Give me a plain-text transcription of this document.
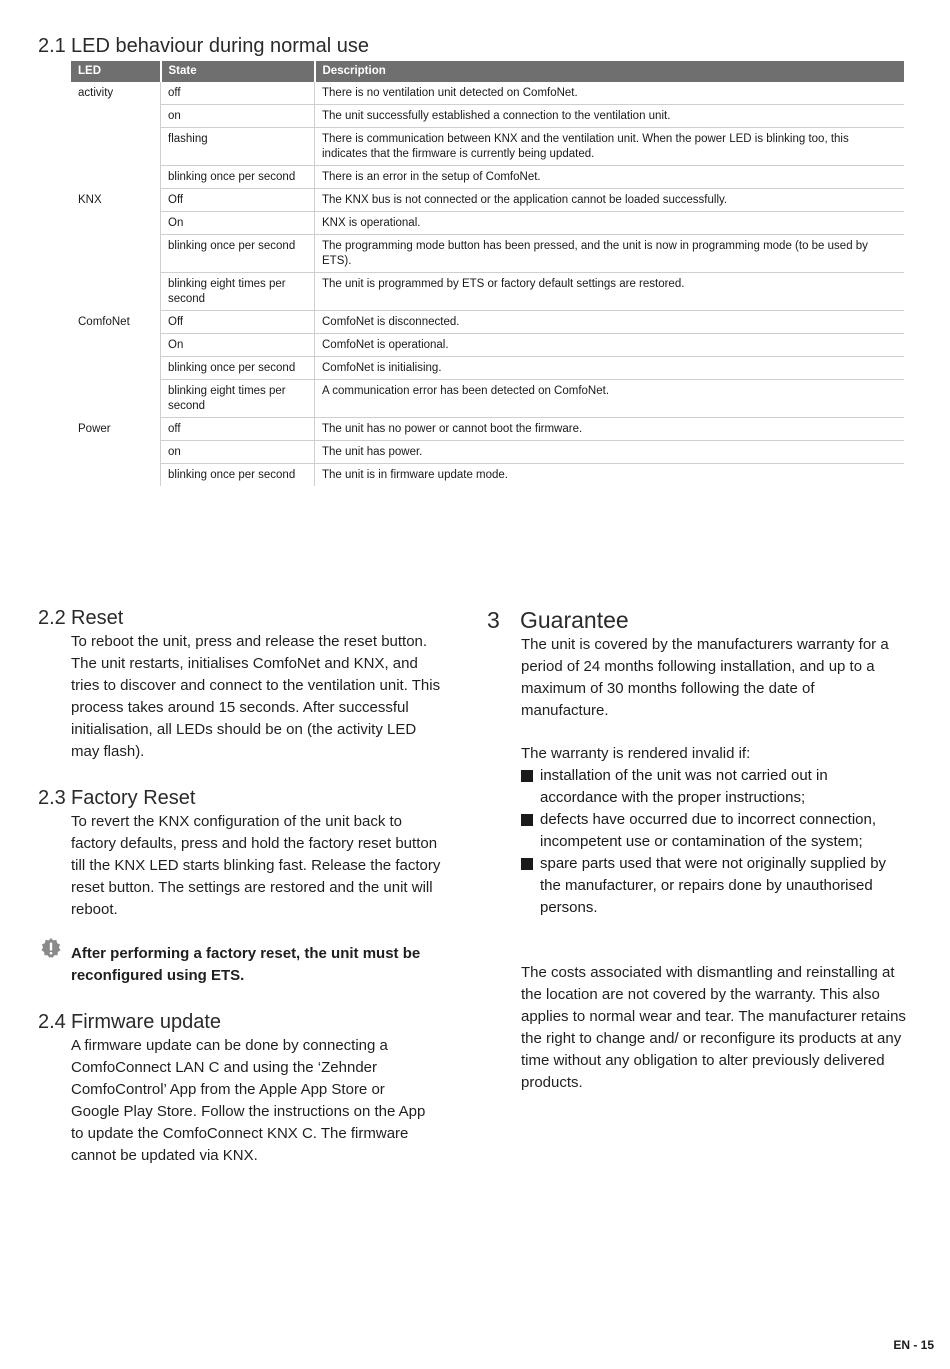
2.1 LED behaviour during normal use
LED	State	Description
activity	off	There is no ventilation unit detected on ComfoNet.
	on	The unit successfully established a connection to the ventilation unit.
	flashing	There is communication between KNX and the ventilation unit. When the power LED is blinking too, this indicates that the firmware is currently being updated.
	blinking once per second	There is an error in the setup of ComfoNet.
KNX	Off	The KNX bus is not connected or the application cannot be loaded successfully.
	On	KNX is operational.
	blinking once per second	The programming mode button has been pressed, and the unit is now in programming mode (to be used by ETS).
	blinking eight times per second	The unit is programmed by ETS or factory default settings are restored.
ComfoNet	Off	ComfoNet is disconnected.
	On	ComfoNet is operational.
	blinking once per second	ComfoNet is initialising.
	blinking eight times per second	A communication error has been detected on ComfoNet.
Power	off	The unit has no power or cannot boot the firmware.
	on	The unit has power.
	blinking once per second	The unit is in firmware update mode.
2.2 Reset

To reboot the unit, press and release the reset button. The unit restarts, initialises ComfoNet and KNX, and tries to discover and connect to the ventilation unit. This process takes around 15 seconds. After successful initialisation, all LEDs should be on (the activity LED may flash).

2.3 Factory Reset

To revert the KNX configuration of the unit back to factory defaults, press and hold the factory reset button till the KNX LED starts blinking fast. Release the factory reset button. The settings are restored and the unit will reboot.

After performing a factory reset, the unit must be reconfigured using ETS.

2.4 Firmware update

A firmware update can be done by connecting a ComfoConnect LAN C and using the ‘Zehnder ComfoControl’ App from the Apple App Store or Google Play Store. Follow the instructions on the App to update the ComfoConnect KNX C. The firmware cannot be updated via KNX.

3 Guarantee

The unit is covered by the manufacturers warranty for a period of 24 months following installation, and up to a maximum of 30 months following the date of manufacture.

The warranty is rendered invalid if:

installation of the unit was not carried out in accordance with the proper instructions;
defects have occurred due to incorrect connection, incompetent use or contamination of the system;
spare parts used that were not originally supplied by the manufacturer, or repairs done by unauthorised persons.

The costs associated with dismantling and reinstalling at the location are not covered by the warranty. This also applies to normal wear and tear. The manufacturer retains the right to change and/ or reconfigure its products at any time without any obligation to alter previously delivered products.

EN - 15
